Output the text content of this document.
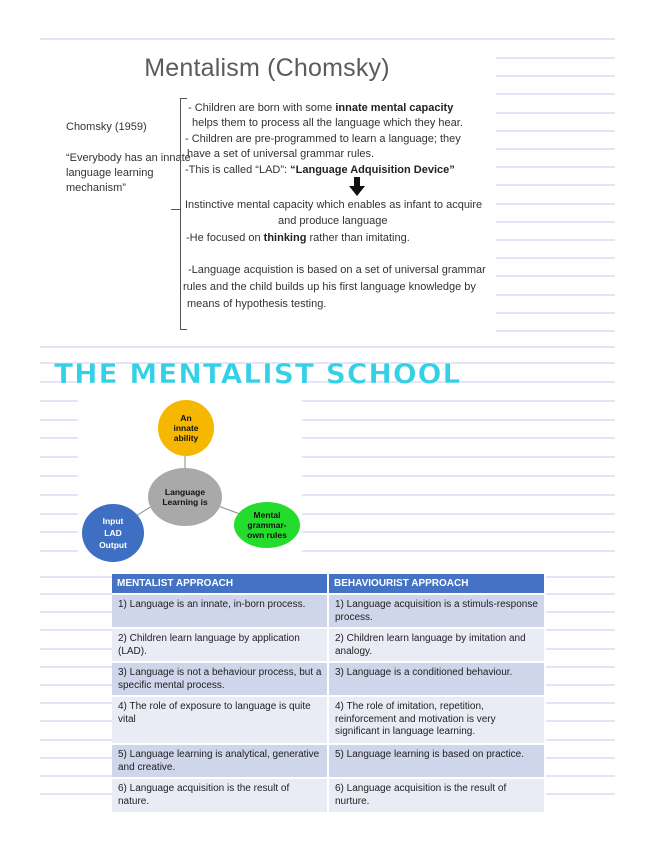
Mentalism (Chomsky)
Chomsky (1959)
“Everybody has an innate
language learning
mechanism”
- Children are born with some innate mental capacity
helps them to process all the language which they hear.
- Children are pre-programmed to learn a language; they
have a set of universal grammar rules.
-This is called “LAD”: “Language Adquisition Device”
Instinctive mental capacity which enables as infant to acquire
and produce language
-He focused on thinking rather than imitating.
-Language acquistion is based on a set of universal grammar
rules and the child builds up his first language knowledge by
means of hypothesis testing.
THE MENTALIST SCHOOL
An
innate
ability
Language
Learning is
Input
LAD
Output
Mental
grammar-
own rules
MENTALIST APPROACH	BEHAVIOURIST APPROACH
1) Language is an innate, in-born process.	1) Language acquisition is a stimuls-response process.
2) Children learn language by application (LAD).	2) Children learn language by imitation and analogy.
3) Language is not a behaviour process, but a specific mental process.	3) Language is a conditioned behaviour.
4) The role of exposure to language is quite vital	4) The role of imitation, repetition, reinforcement and motivation is very significant in language learning.
5) Language learning is analytical, generative and creative.	5) Language learning is based on practice.
6) Language acquisition is the result of nature.	6) Language acquisition is the result of nurture.
